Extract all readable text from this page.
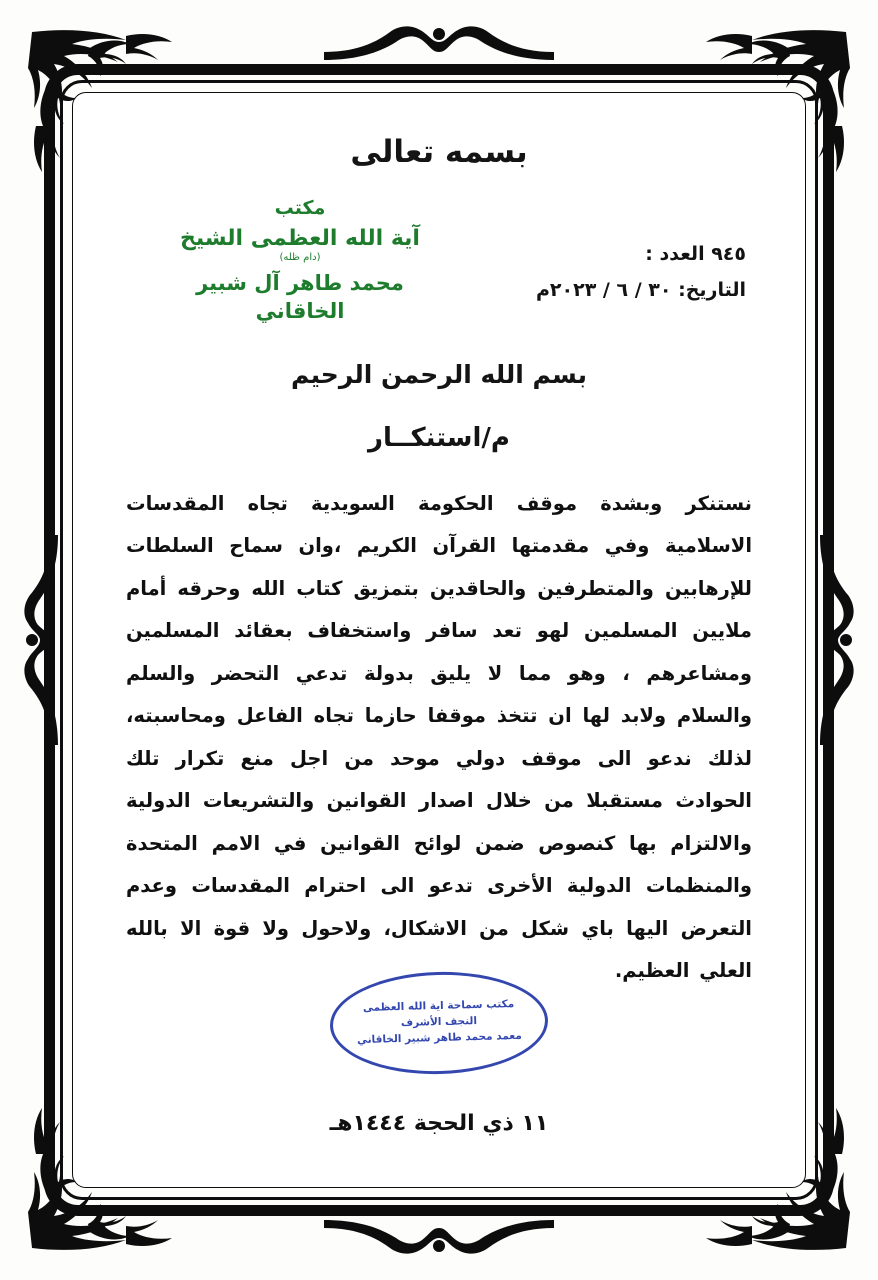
بسمه تعالى
مكتب
آية الله العظمى الشيخ
(دام ظله)
محمد طاهر آل شبير الخاقاني
٩٤٥ العدد :
التاريخ: ٣٠ / ٦ / ٢٠٢٣م
بسم الله الرحمن الرحيم
م/استنكــار
نستنكر وبشدة موقف الحكومة السويدية تجاه المقدسات الاسلامية وفي مقدمتها القرآن الكريم ،وان سماح السلطات للإرهابين والمتطرفين والحاقدين بتمزيق كتاب الله وحرقه أمام ملايين المسلمين لهو تعد سافر واستخفاف بعقائد المسلمين ومشاعرهم ، وهو مما لا يليق بدولة تدعي التحضر والسلم والسلام ولابد لها ان تتخذ موقفا حازما تجاه الفاعل ومحاسبته، لذلك ندعو الى موقف دولي موحد من اجل منع تكرار تلك الحوادث مستقبلا من خلال اصدار القوانين والتشريعات الدولية والالتزام بها كنصوص ضمن لوائح القوانين في الامم المتحدة والمنظمات الدولية الأخرى تدعو الى احترام المقدسات وعدم التعرض اليها باي شكل من الاشكال، ولاحول ولا قوة الا بالله العلي العظيم.
مكتب سماحة اية الله العظمى
النجف الأشرف
معمد محمد طاهر شبير الخاقاني
١١ ذي الحجة ١٤٤٤هـ
